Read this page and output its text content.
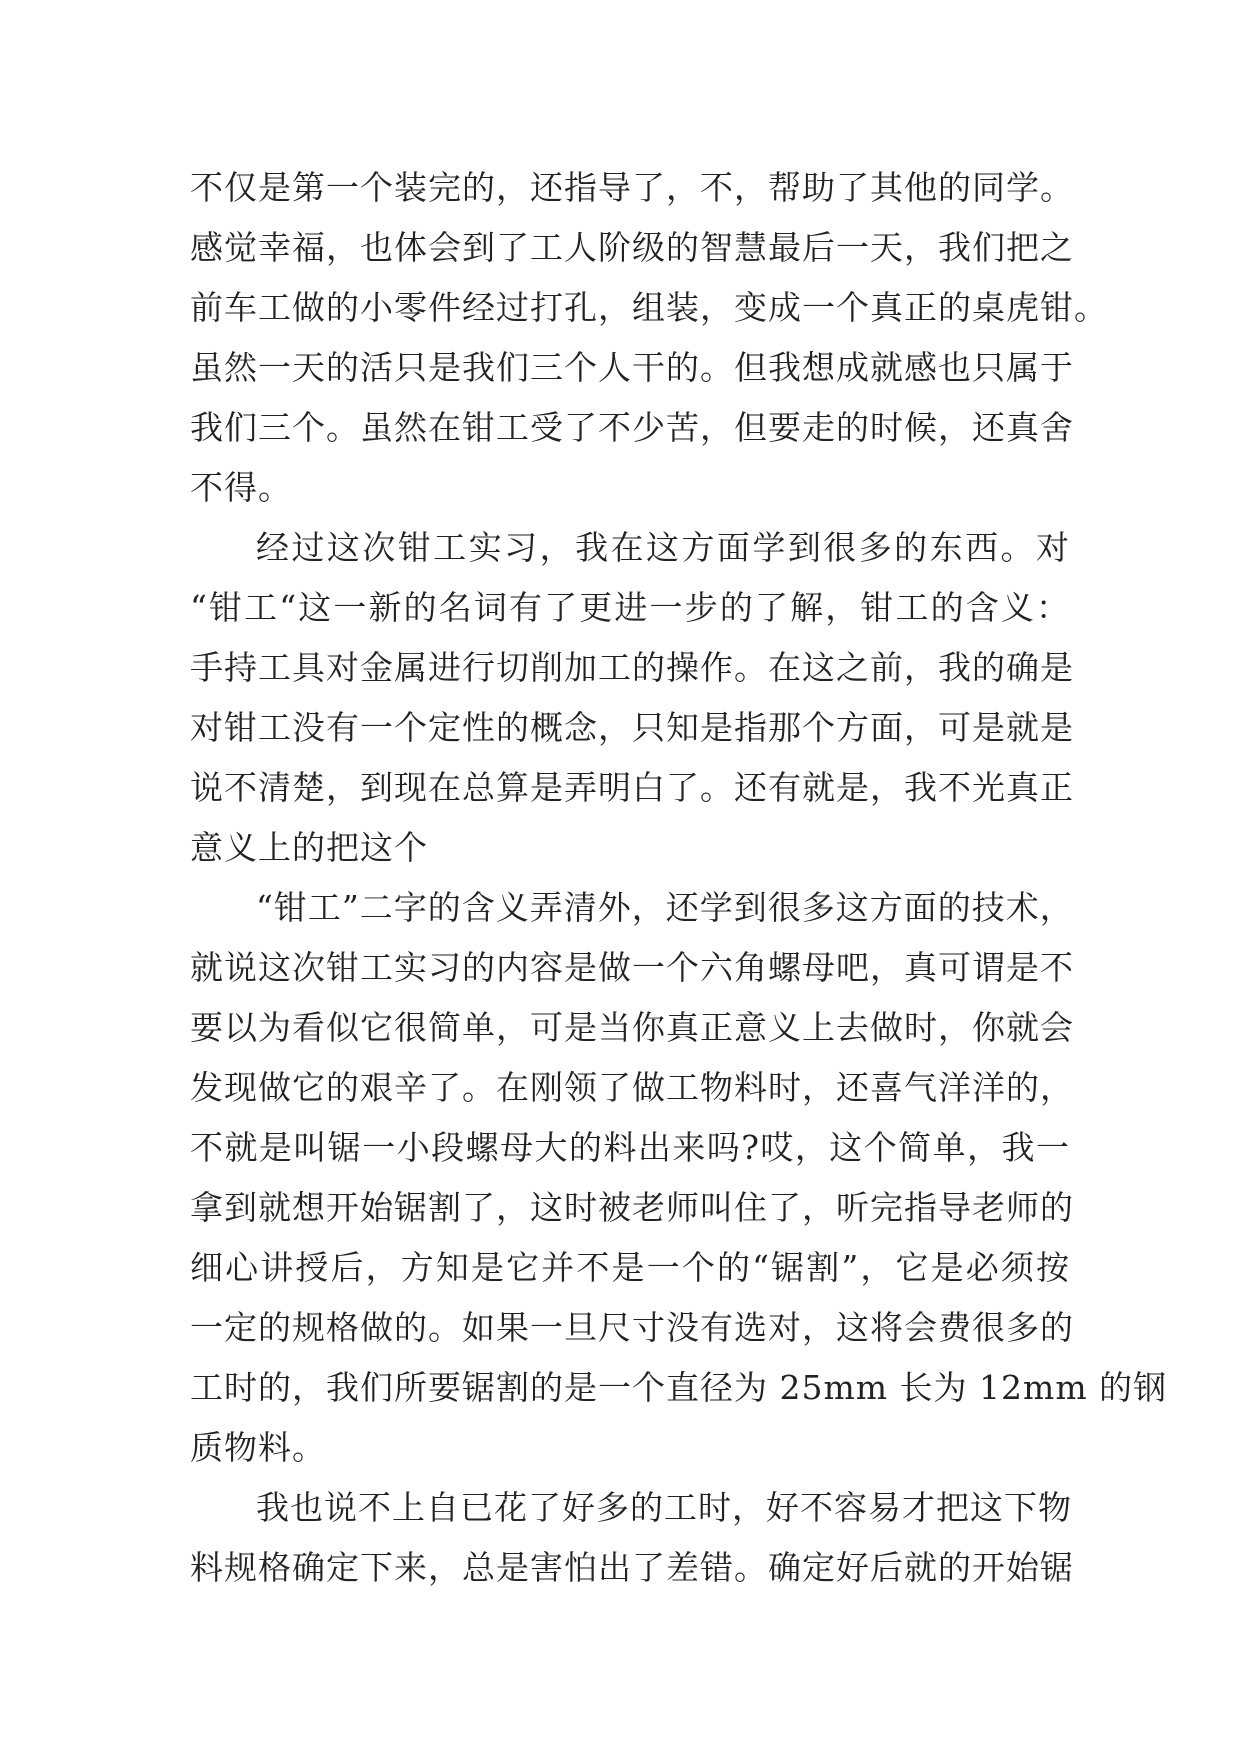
不仅是第一个装完的，还指导了，不，帮助了其他的同学。
感觉幸福，也体会到了工人阶级的智慧最后一天，我们把之
前车工做的小零件经过打孔，组装，变成一个真正的桌虎钳。
虽然一天的活只是我们三个人干的。但我想成就感也只属于
我们三个。虽然在钳工受了不少苦，但要走的时候，还真舍
不得。
经过这次钳工实习，我在这方面学到很多的东西。对
“钳工“这一新的名词有了更进一步的了解，钳工的含义：
手持工具对金属进行切削加工的操作。在这之前，我的确是
对钳工没有一个定性的概念，只知是指那个方面，可是就是
说不清楚，到现在总算是弄明白了。还有就是，我不光真正
意义上的把这个
“钳工”二字的含义弄清外，还学到很多这方面的技术，
就说这次钳工实习的内容是做一个六角螺母吧，真可谓是不
要以为看似它很简单，可是当你真正意义上去做时，你就会
发现做它的艰辛了。在刚领了做工物料时，还喜气洋洋的，
不就是叫锯一小段螺母大的料出来吗?哎，这个简单，我一
拿到就想开始锯割了，这时被老师叫住了，听完指导老师的
细心讲授后，方知是它并不是一个的“锯割”，它是必须按
一定的规格做的。如果一旦尺寸没有选对，这将会费很多的
工时的，我们所要锯割的是一个直径为 25mm 长为 12mm 的钢
质物料。
我也说不上自已花了好多的工时，好不容易才把这下物
料规格确定下来，总是害怕出了差错。确定好后就的开始锯
